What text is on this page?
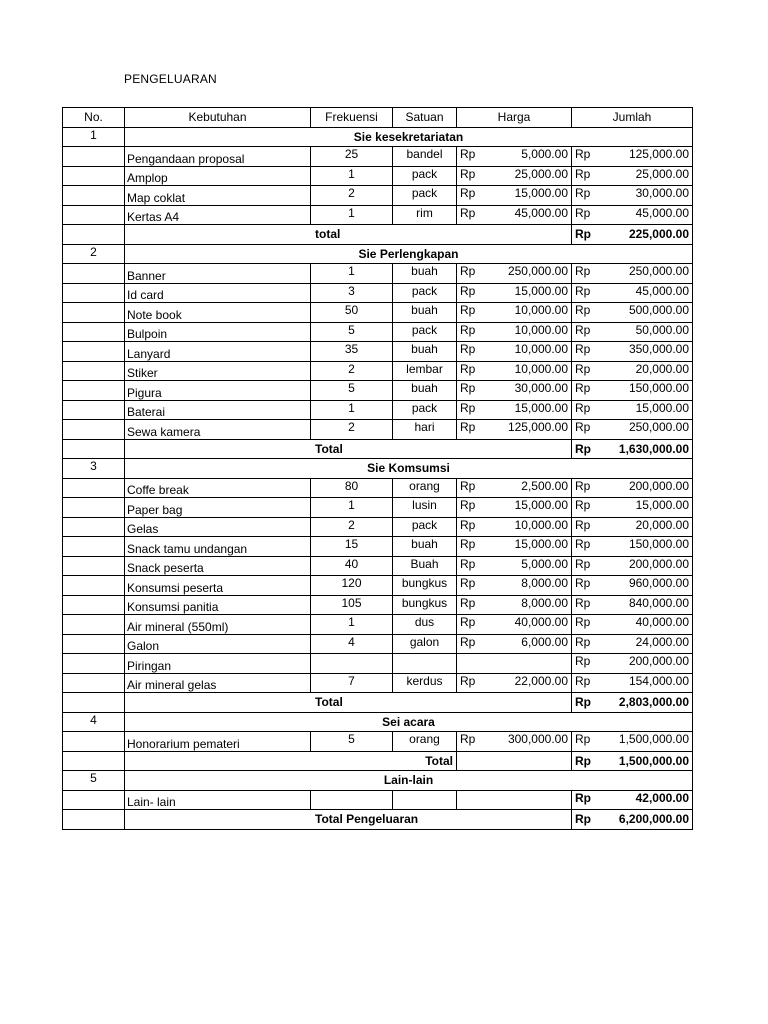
PENGELUARAN
No.	Kebutuhan	Frekuensi	Satuan	Harga		Jumlah	
1	Sie kesekretariatan						
	Pengandaan proposal	25	bandel	Rp	5,000.00	Rp	125,000.00
	Amplop	1	pack	Rp	25,000.00	Rp	25,000.00
	Map coklat	2	pack	Rp	15,000.00	Rp	30,000.00
	Kertas A4	1	rim	Rp	45,000.00	Rp	45,000.00
	total					Rp	225,000.00
2	Sie Perlengkapan						
	Banner	1	buah	Rp	250,000.00	Rp	250,000.00
	Id card	3	pack	Rp	15,000.00	Rp	45,000.00
	Note book	50	buah	Rp	10,000.00	Rp	500,000.00
	Bulpoin	5	pack	Rp	10,000.00	Rp	50,000.00
	Lanyard	35	buah	Rp	10,000.00	Rp	350,000.00
	Stiker	2	lembar	Rp	10,000.00	Rp	20,000.00
	Pigura	5	buah	Rp	30,000.00	Rp	150,000.00
	Baterai	1	pack	Rp	15,000.00	Rp	15,000.00
	Sewa kamera	2	hari	Rp	125,000.00	Rp	250,000.00
	Total					Rp	1,630,000.00
3	Sie Komsumsi						
	Coffe break	80	orang	Rp	2,500.00	Rp	200,000.00
	Paper bag	1	lusin	Rp	15,000.00	Rp	15,000.00
	Gelas	2	pack	Rp	10,000.00	Rp	20,000.00
	Snack tamu undangan	15	buah	Rp	15,000.00	Rp	150,000.00
	Snack peserta	40	Buah	Rp	5,000.00	Rp	200,000.00
	Konsumsi peserta	120	bungkus	Rp	8,000.00	Rp	960,000.00
	Konsumsi panitia	105	bungkus	Rp	8,000.00	Rp	840,000.00
	Air mineral (550ml)	1	dus	Rp	40,000.00	Rp	40,000.00
	Galon	4	galon	Rp	6,000.00	Rp	24,000.00
	Piringan					Rp	200,000.00
	Air mineral gelas	7	kerdus	Rp	22,000.00	Rp	154,000.00
	Total					Rp	2,803,000.00
4	Sei acara						
	Honorarium pemateri	5	orang	Rp	300,000.00	Rp	1,500,000.00
	Total					Rp	1,500,000.00
5	Lain-lain						
	Lain- lain					Rp	42,000.00
	Total Pengeluaran					Rp	6,200,000.00
